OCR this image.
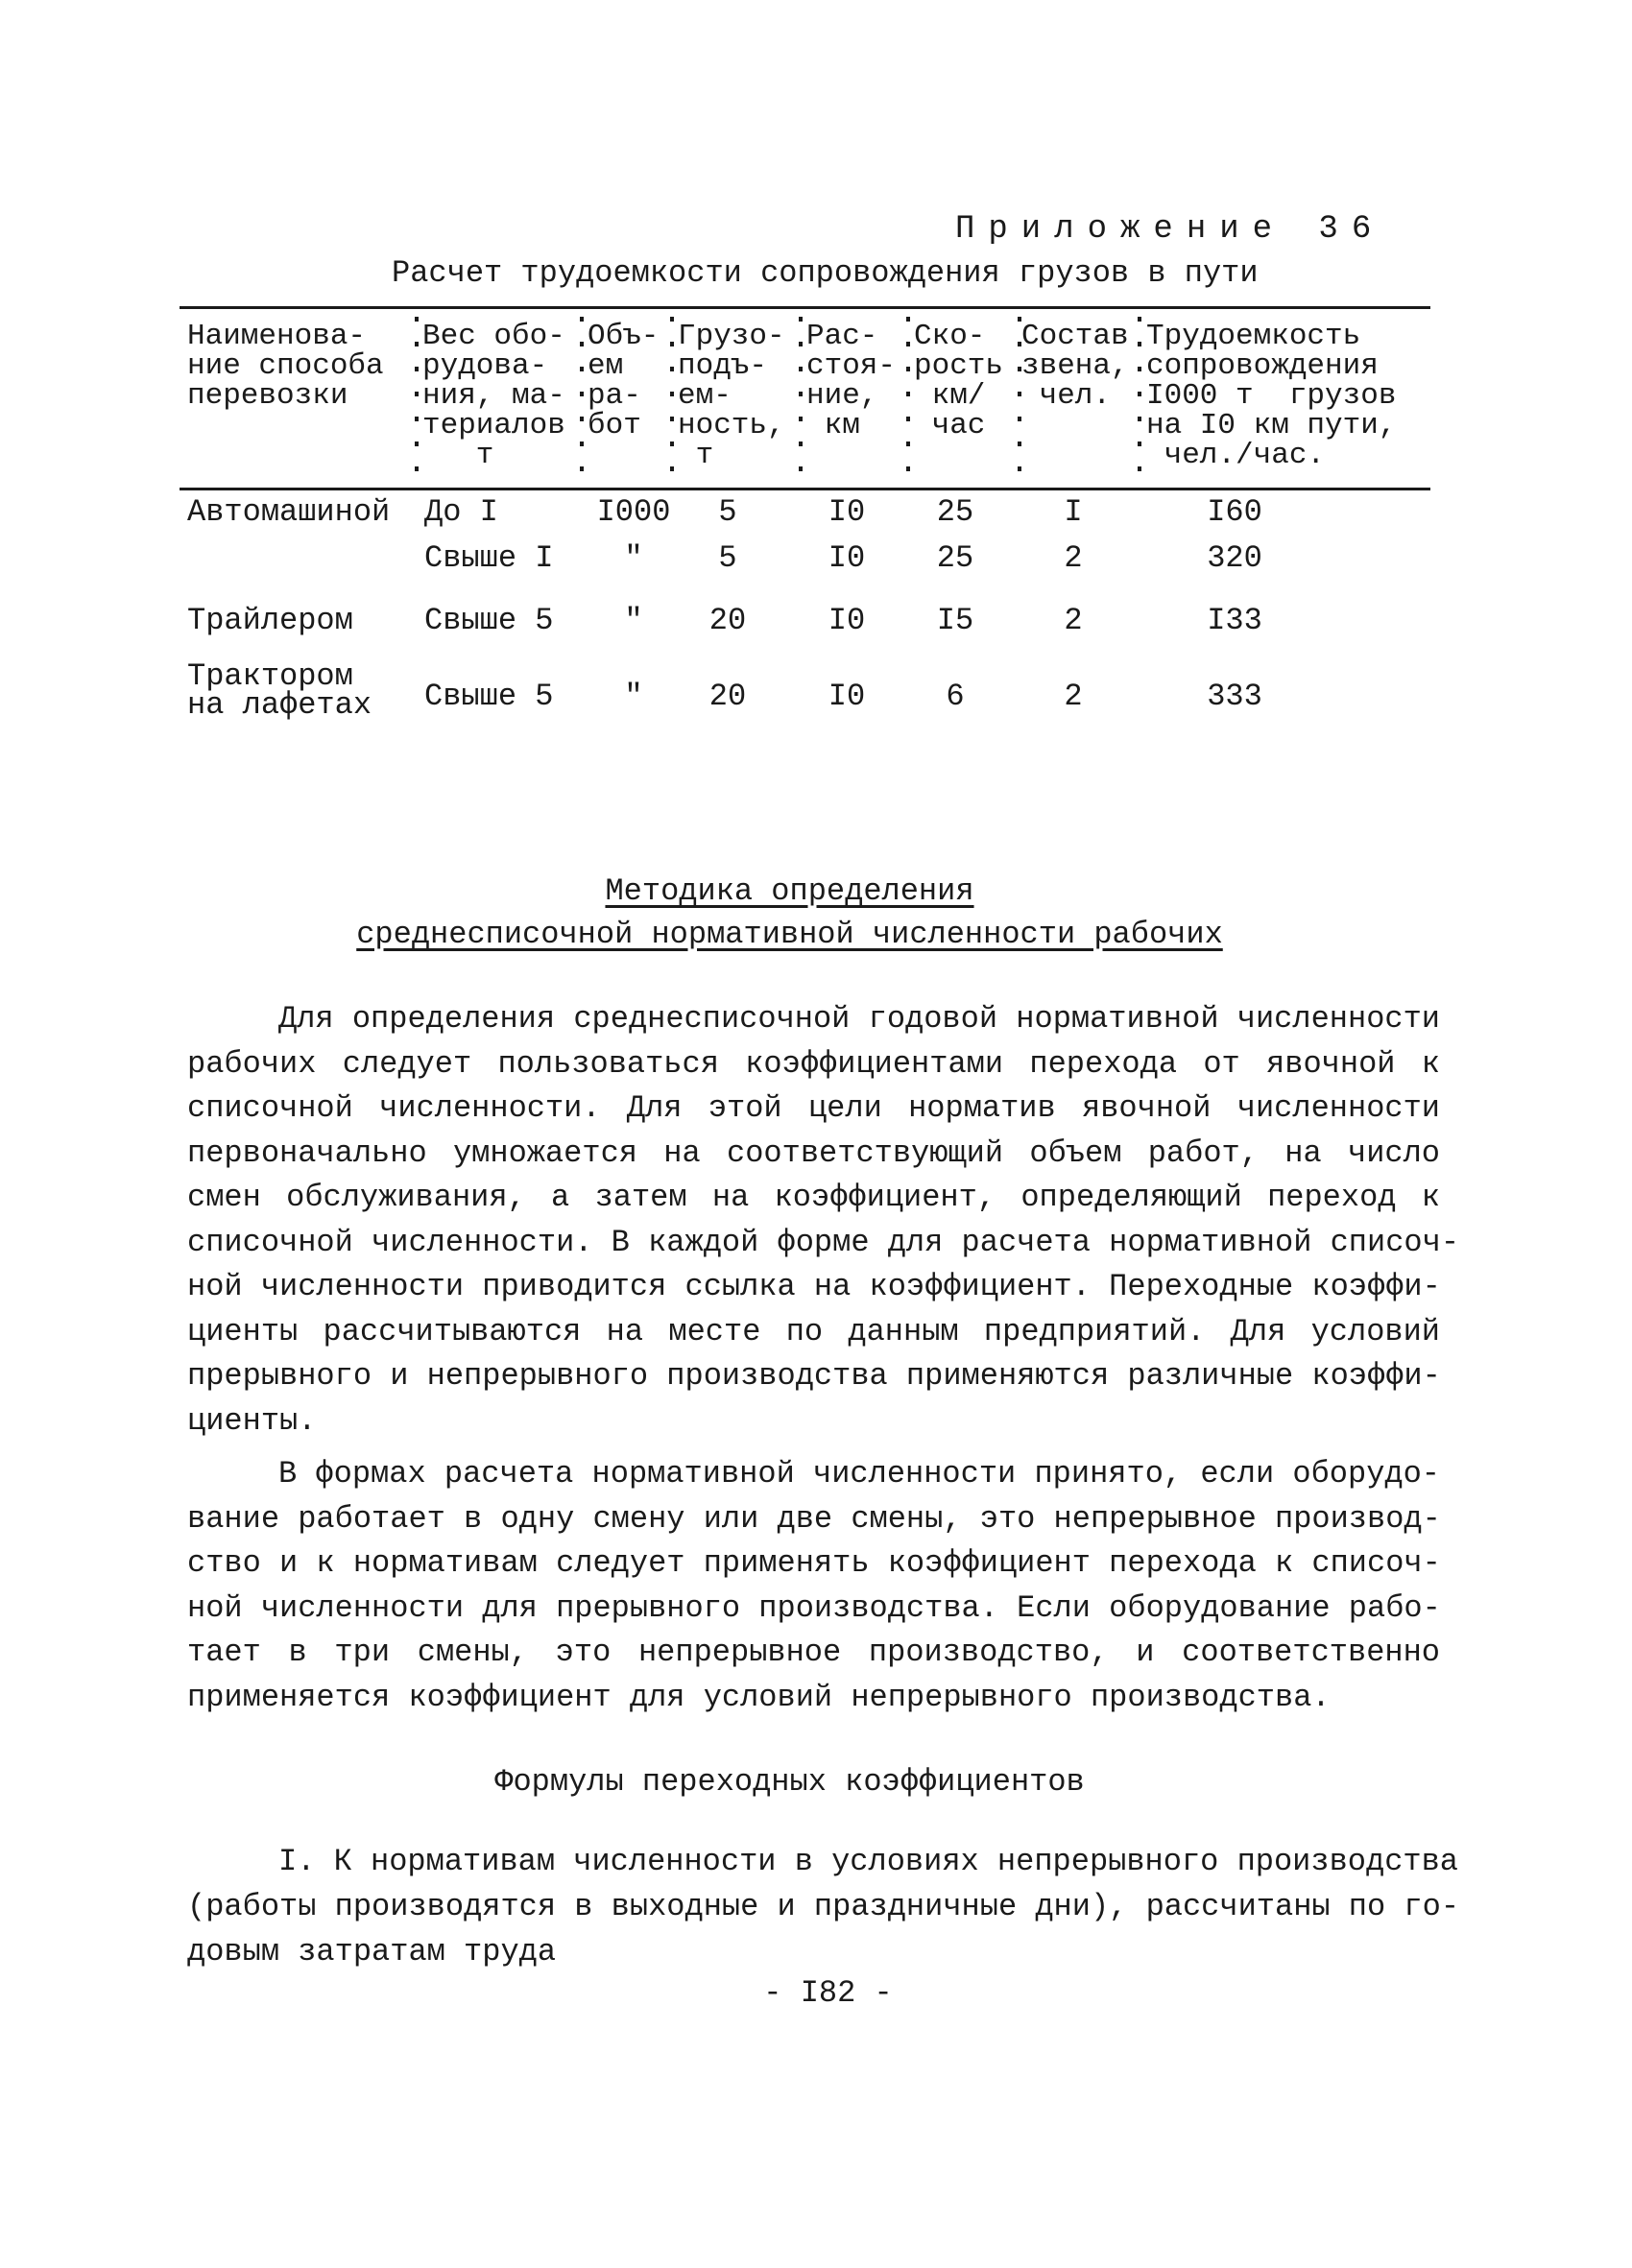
Приложение 36
Расчет трудоемкости сопровождения грузов в пути
Наименова-
ние способа
перевозки
Вес обо-
рудова-
ния, ма-
териалов
т
Объ-
ем
ра-
бот
Грузо-
подъ-
ем-
ность,
т
Рас-
стоя-
ние,
км
Ско-
рость
км/
час
Состав
звена,
чел.
Трудоемкость
сопровождения
I000 т  грузов
на I0 км пути,
чел./час.
Автомашиной До I	I000 5	I0 25	I	I60
Свыше I " 5	I0 25	2	320
Трайлером Свыше 5 " 20	I0 I5	2	I33
Трактором
на лафетах Свыше 5 " 20	I0	6	2	333
Методика определения
среднесписочной нормативной численности рабочих
Для определения среднесписочной годовой нормативной численности
рабочих следует пользоваться коэффициентами перехода от явочной к
списочной численности. Для этой цели норматив явочной численности
первоначально умножается на соответствующий объем работ, на число
смен обслуживания, а затем на коэффициент, определяющий переход к
списочной численности. В каждой форме для расчета нормативной списоч-
ной численности приводится ссылка на коэффициент. Переходные коэффи-
циенты рассчитываются на месте по данным предприятий. Для условий
прерывного и непрерывного производства применяются различные коэффи-
циенты.
В формах расчета нормативной численности принято, если оборудо-
вание работает в одну смену или две смены, это непрерывное производ-
ство и к нормативам следует применять коэффициент перехода к списоч-
ной численности для прерывного производства. Если оборудование рабо-
тает в три смены, это непрерывное производство, и соответственно
применяется коэффициент для условий непрерывного производства.
Формулы переходных коэффициентов
I. К нормативам численности в условиях непрерывного производства
(работы производятся в выходные и праздничные дни), рассчитаны по го-
довым затратам труда
- I82 -
